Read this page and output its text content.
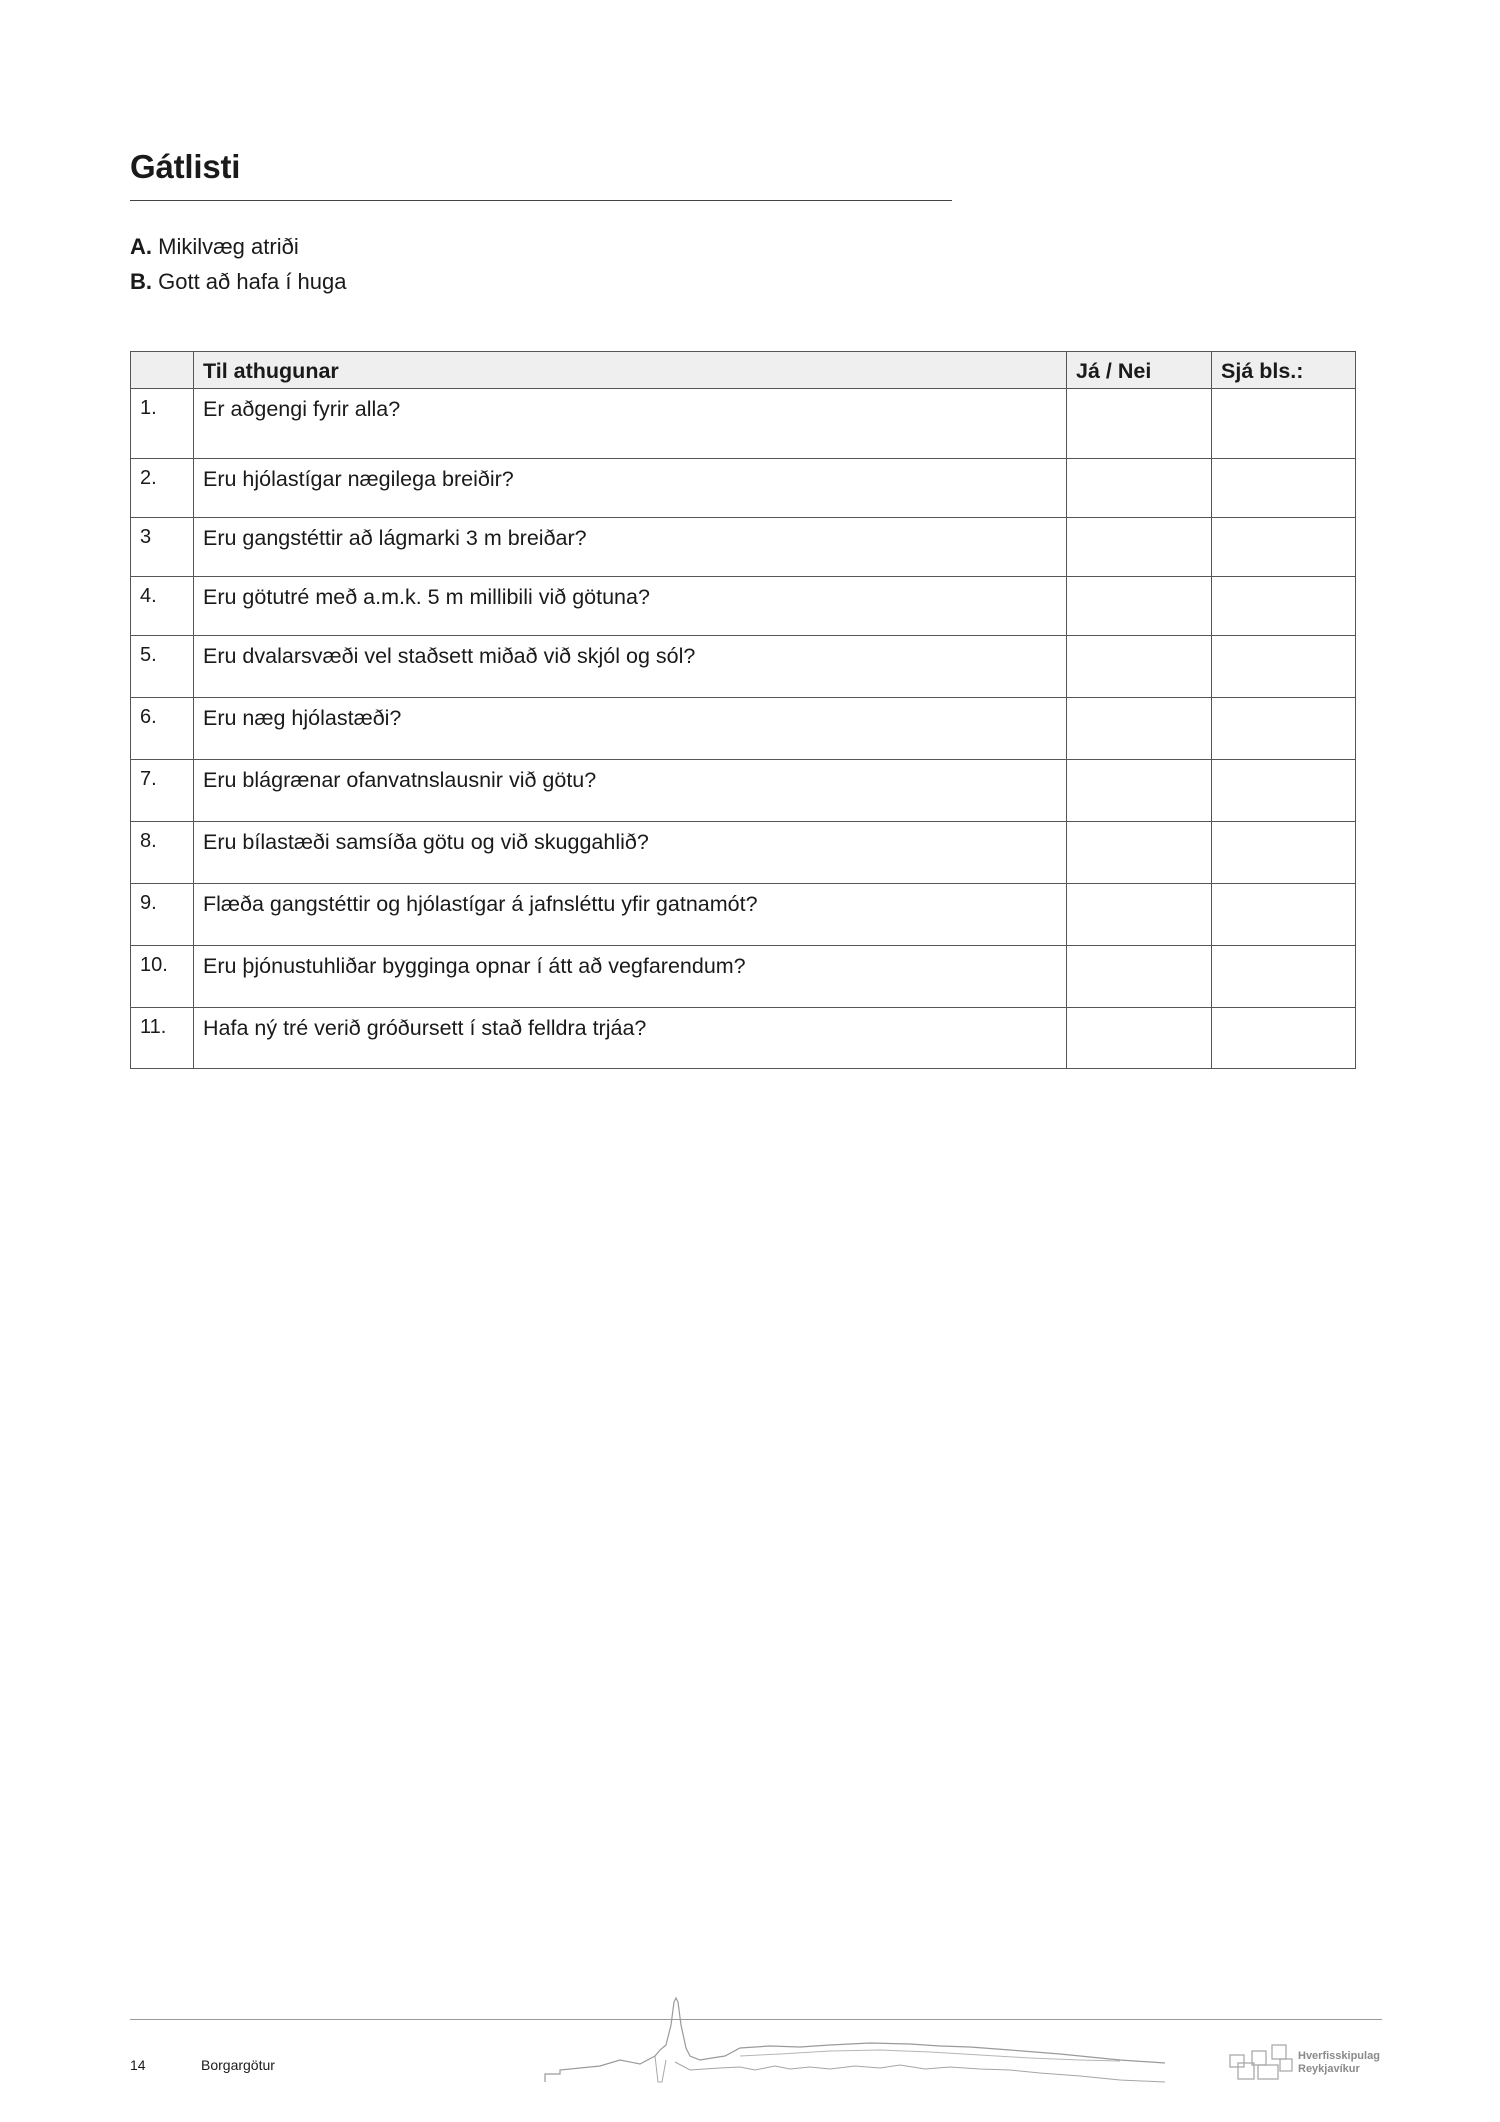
Gátlisti
A. Mikilvæg atriði
B. Gott að hafa í huga
	Til athugunar	Já / Nei	Sjá bls.:
1.	Er aðgengi fyrir alla?		
2.	Eru hjólastígar nægilega breiðir?		
3	Eru gangstéttir að lágmarki 3 m breiðar?		
4.	Eru götutré með a.m.k. 5 m millibili við götuna?		
5.	Eru dvalarsvæði vel staðsett miðað við skjól og sól?		
6.	Eru næg hjólastæði?		
7.	Eru blágrænar ofanvatnslausnir við götu?		
8.	Eru bílastæði samsíða götu og við skuggahlið?		
9.	Flæða gangstéttir og hjólastígar á jafnsléttu yfir gatnamót?		
10.	Eru þjónustuhliðar bygginga opnar í átt að vegfarendum?		
11.	Hafa ný tré verið gróðursett í stað felldra trjáa?		
14	Borgargötur
Hverfisskipulag
Reykjavíkur
